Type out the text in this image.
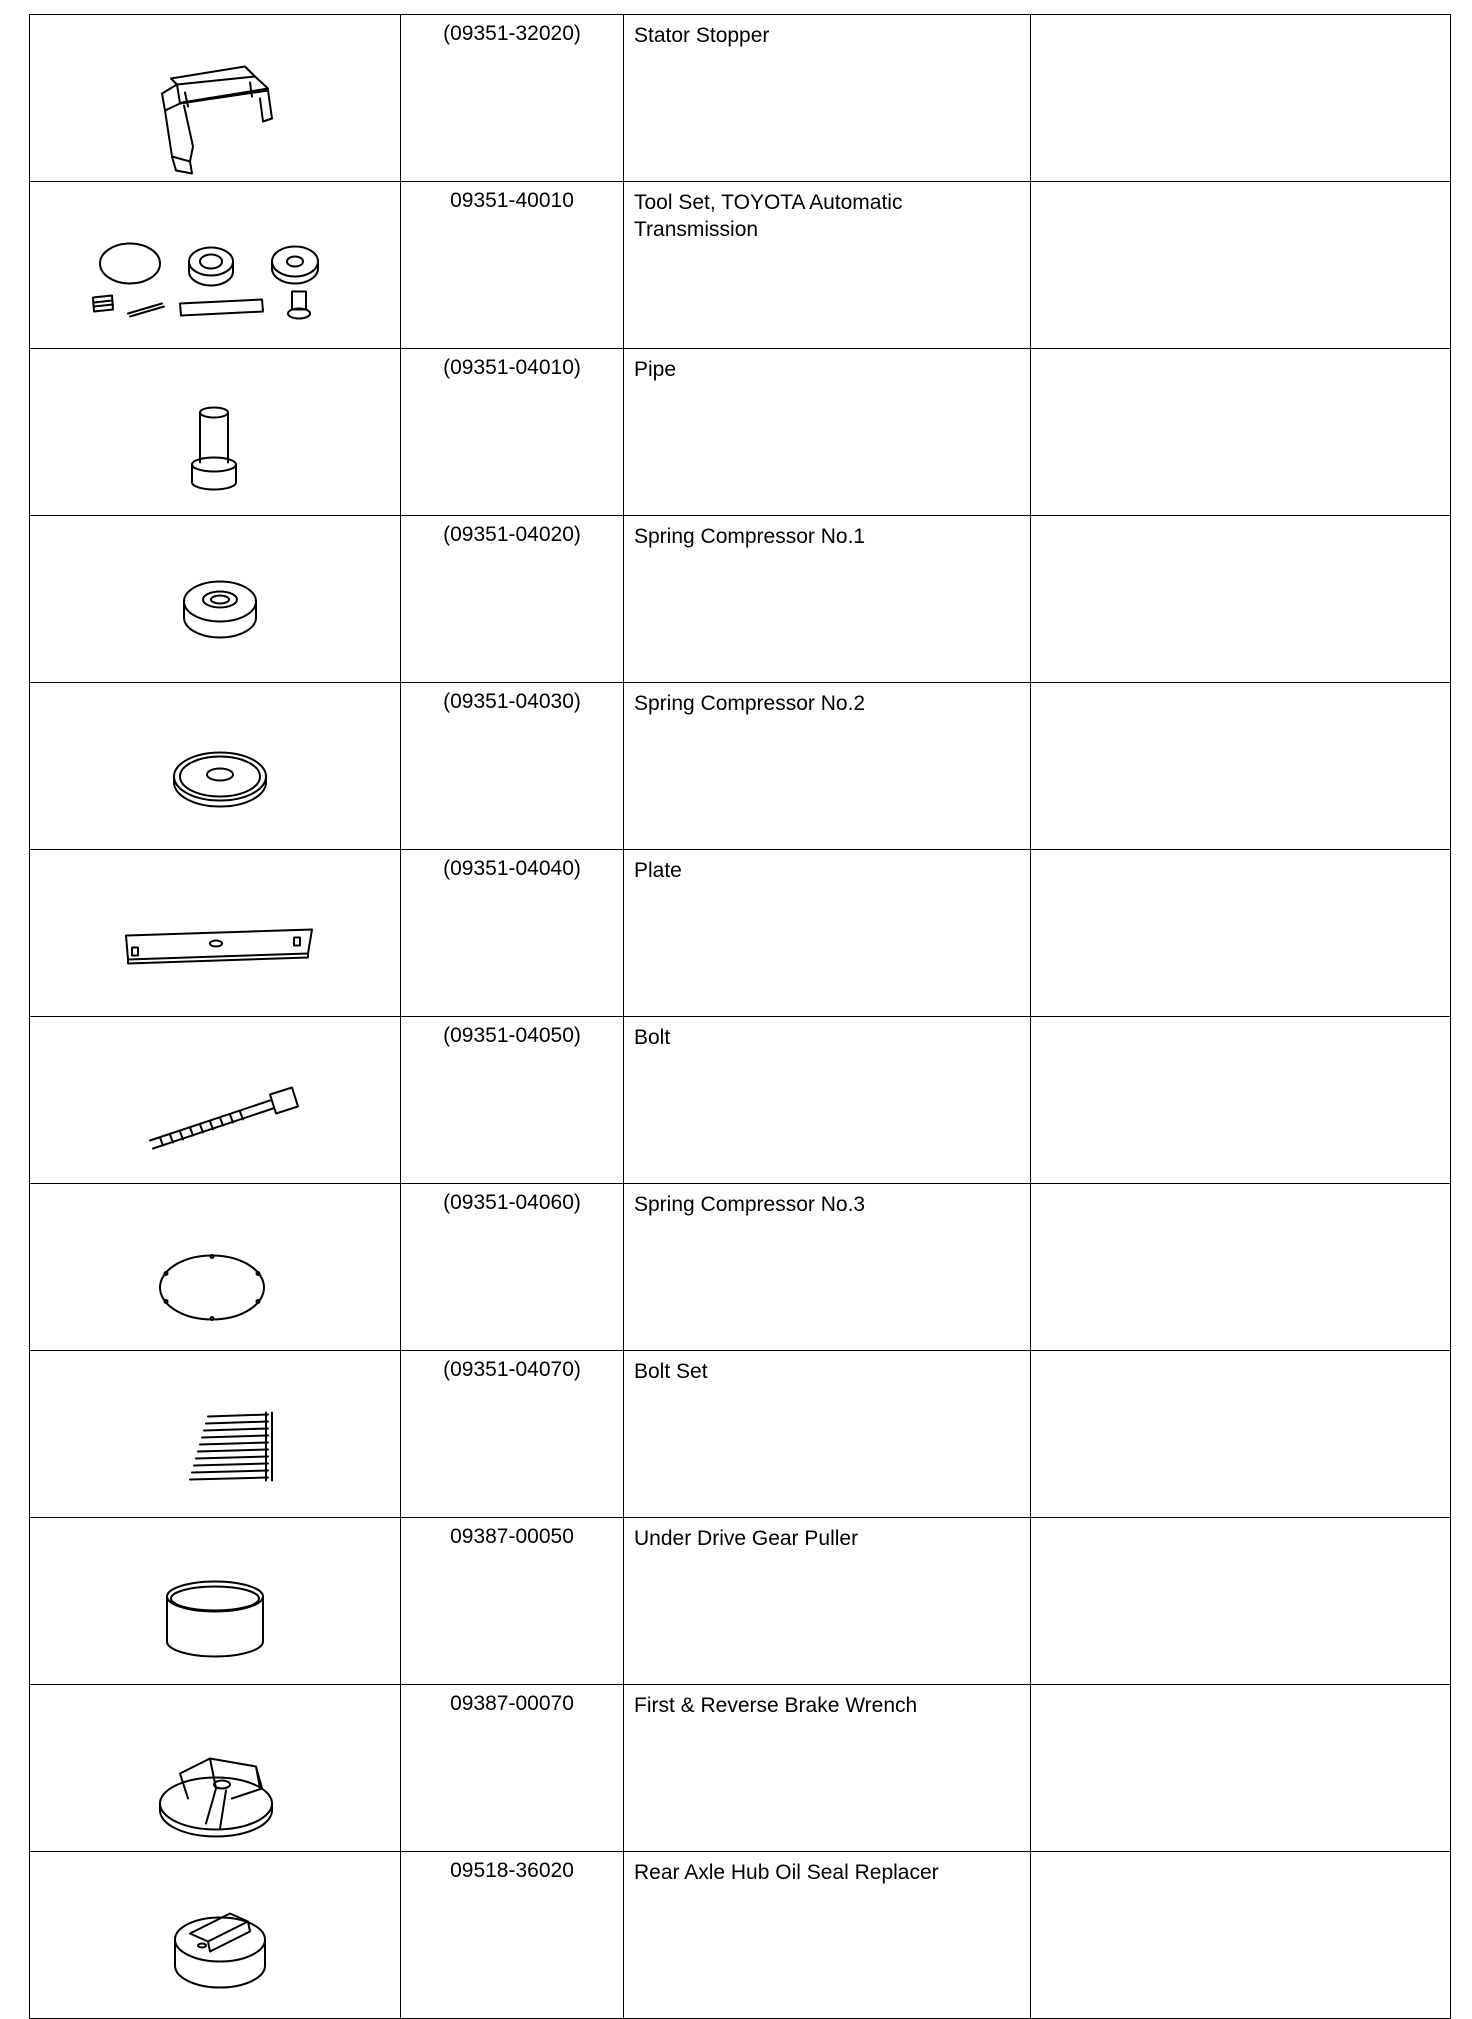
	(09351-32020)	Stator Stopper	

	09351-40010	Tool Set, TOYOTA Automatic Transmission	

	(09351-04010)	Pipe	

	(09351-04020)	Spring Compressor No.1	

	(09351-04030)	Spring Compressor No.2	

	(09351-04040)	Plate	

	(09351-04050)	Bolt	

	(09351-04060)	Spring Compressor No.3	

	(09351-04070)	Bolt Set	

	09387-00050	Under Drive Gear Puller	

	09387-00070	First & Reverse Brake Wrench	

	09518-36020	Rear Axle Hub Oil Seal Replacer	
